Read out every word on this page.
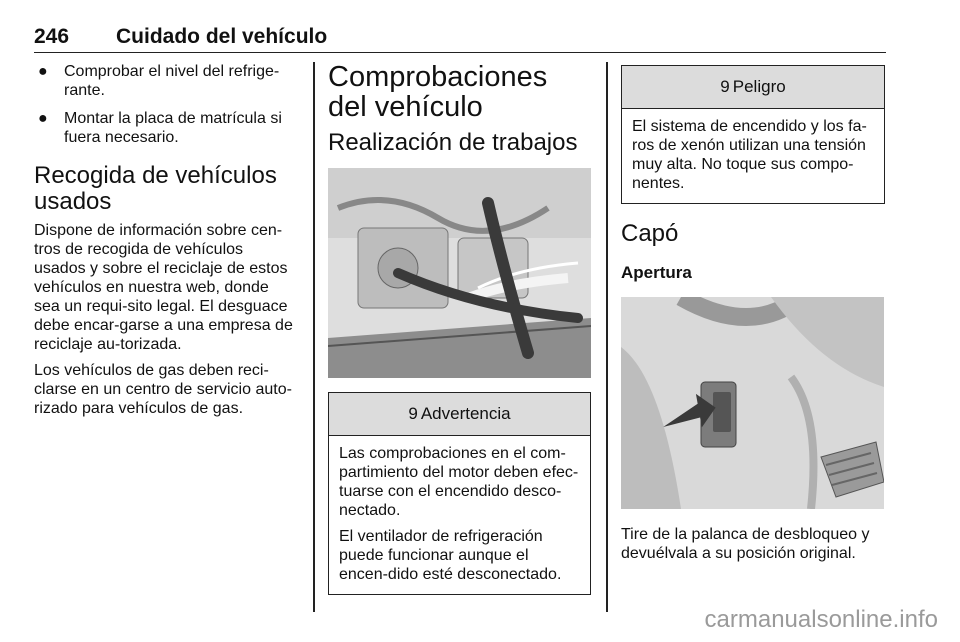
246 Cuidado del vehículo
● Comprobar el nivel del refrige-rante.
● Montar la placa de matrícula si fuera necesario.
Recogida de vehículos usados

Dispone de información sobre cen-tros de recogida de vehículos usados y sobre el reciclaje de estos vehículos en nuestra web, donde sea un requi-sito legal. El desguace debe encar-garse a una empresa de reciclaje au-torizada.

Los vehículos de gas deben reci-clarse en un centro de servicio auto-rizado para vehículos de gas.

Comprobaciones del vehículo
Realización de trabajos
9 Advertencia

Las comprobaciones en el com-partimiento del motor deben efec-tuarse con el encendido desco-nectado.

El ventilador de refrigeración puede funcionar aunque el encen-dido esté desconectado.

9 Peligro

El sistema de encendido y los fa-ros de xenón utilizan una tensión muy alta. No toque sus compo-nentes.

Capó
Apertura

Tire de la palanca de desbloqueo y devuélvala a su posición original.

carmanualsonline.info
